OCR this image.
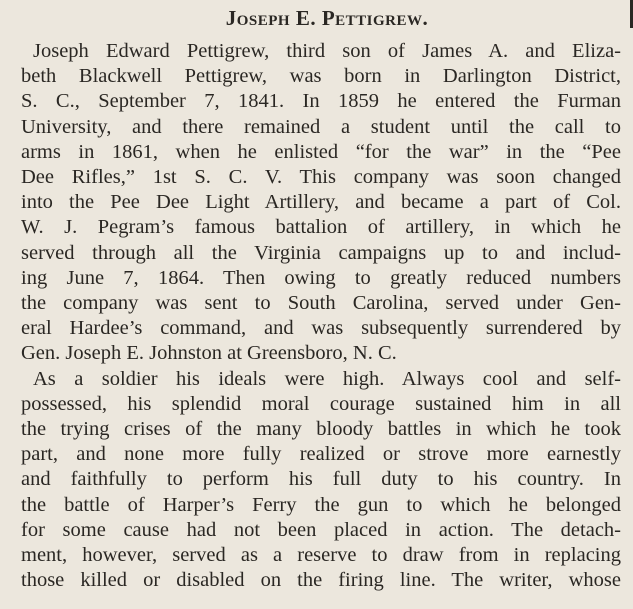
Joseph E. Pettigrew.
Joseph Edward Pettigrew, third son of James A. and Eliza-
beth Blackwell Pettigrew, was born in Darlington District,
S. C., September 7, 1841. In 1859 he entered the Furman
University, and there remained a student until the call to
arms in 1861, when he enlisted “for the war” in the “Pee
Dee Rifles,” 1st S. C. V. This company was soon changed
into the Pee Dee Light Artillery, and became a part of Col.
W. J. Pegram’s famous battalion of artillery, in which he
served through all the Virginia campaigns up to and includ-
ing June 7, 1864. Then owing to greatly reduced numbers
the company was sent to South Carolina, served under Gen-
eral Hardee’s command, and was subsequently surrendered by
Gen. Joseph E. Johnston at Greensboro, N. C.
As a soldier his ideals were high. Always cool and self-
possessed, his splendid moral courage sustained him in all
the trying crises of the many bloody battles in which he took
part, and none more fully realized or strove more earnestly
and faithfully to perform his full duty to his country. In
the battle of Harper’s Ferry the gun to which he belonged
for some cause had not been placed in action. The detach-
ment, however, served as a reserve to draw from in replacing
those killed or disabled on the firing line. The writer, whose
